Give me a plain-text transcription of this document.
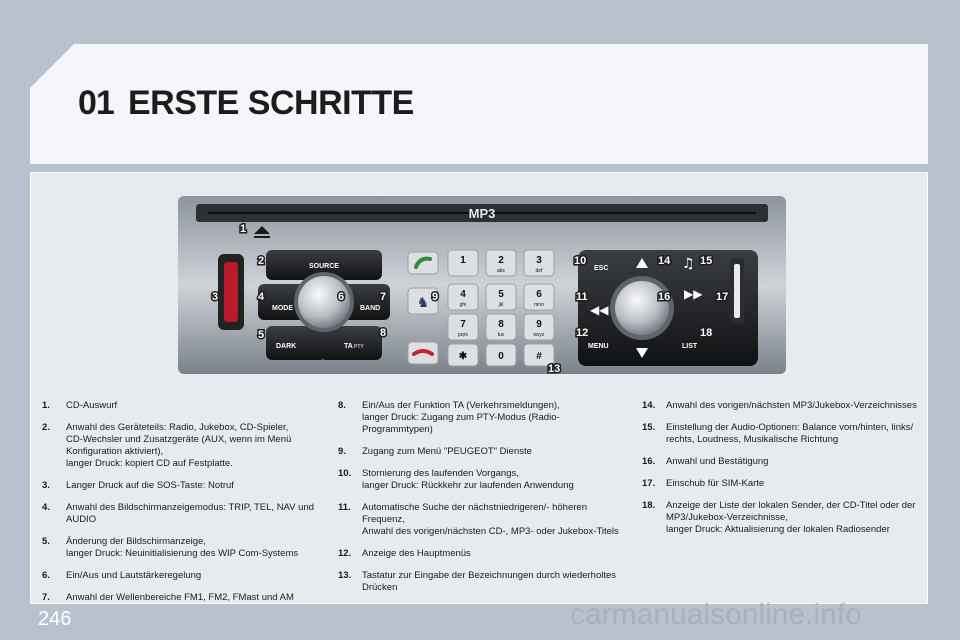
01 ERSTE SCHRITTE
MP3
SOURCE
MODE	BAND
DARK	TA PTY
♞
1	2
abc
3
def
4
ghi
5
jkl
6
mno
7
pqrs
8
tuv
9
wxyz
✱	0	#
ESC
MENU	LIST
◀◀
▶▶
♫
1
2
3	4
5
6	7
8
9
10
11
12
13
14	15
16	17
18
1. CD-Auswurf
2. Anwahl des Geräteteils: Radio, Jukebox, CD-Spieler,
CD-Wechsler und Zusatzgeräte (AUX, wenn im Menü
Konfiguration aktiviert),
langer Druck: kopiert CD auf Festplatte.
3. Langer Druck auf die SOS-Taste: Notruf
4. Anwahl des Bildschirmanzeigemodus: TRIP, TEL, NAV und
AUDIO
5. Änderung der Bildschirmanzeige,
langer Druck: Neuinitialisierung des WIP Com-Systems
6. Ein/Aus und Lautstärkeregelung
7. Anwahl der Wellenbereiche FM1, FM2, FMast und AM
8. Ein/Aus der Funktion TA (Verkehrsmeldungen),
langer Druck: Zugang zum PTY-Modus (Radio-
Programmtypen)
9. Zugang zum Menü "PEUGEOT" Dienste
10. Stornierung des laufenden Vorgangs,
langer Druck: Rückkehr zur laufenden Anwendung
11. Automatische Suche der nächstniedrigeren/- höheren
Frequenz,
Anwahl des vorigen/nächsten CD-, MP3- oder Jukebox-Titels
12. Anzeige des Hauptmenüs
13. Tastatur zur Eingabe der Bezeichnungen durch wiederholtes
Drücken
14. Anwahl des vorigen/nächsten MP3/Jukebox-Verzeichnisses
15. Einstellung der Audio-Optionen: Balance vorn/hinten, links/
rechts, Loudness, Musikalische Richtung
16. Anwahl und Bestätigung
17. Einschub für SIM-Karte
18. Anzeige der Liste der lokalen Sender, der CD-Titel oder der
MP3/Jukebox-Verzeichnisse,
langer Druck: Aktualisierung der lokalen Radiosender
246	carmanualsonline.info
